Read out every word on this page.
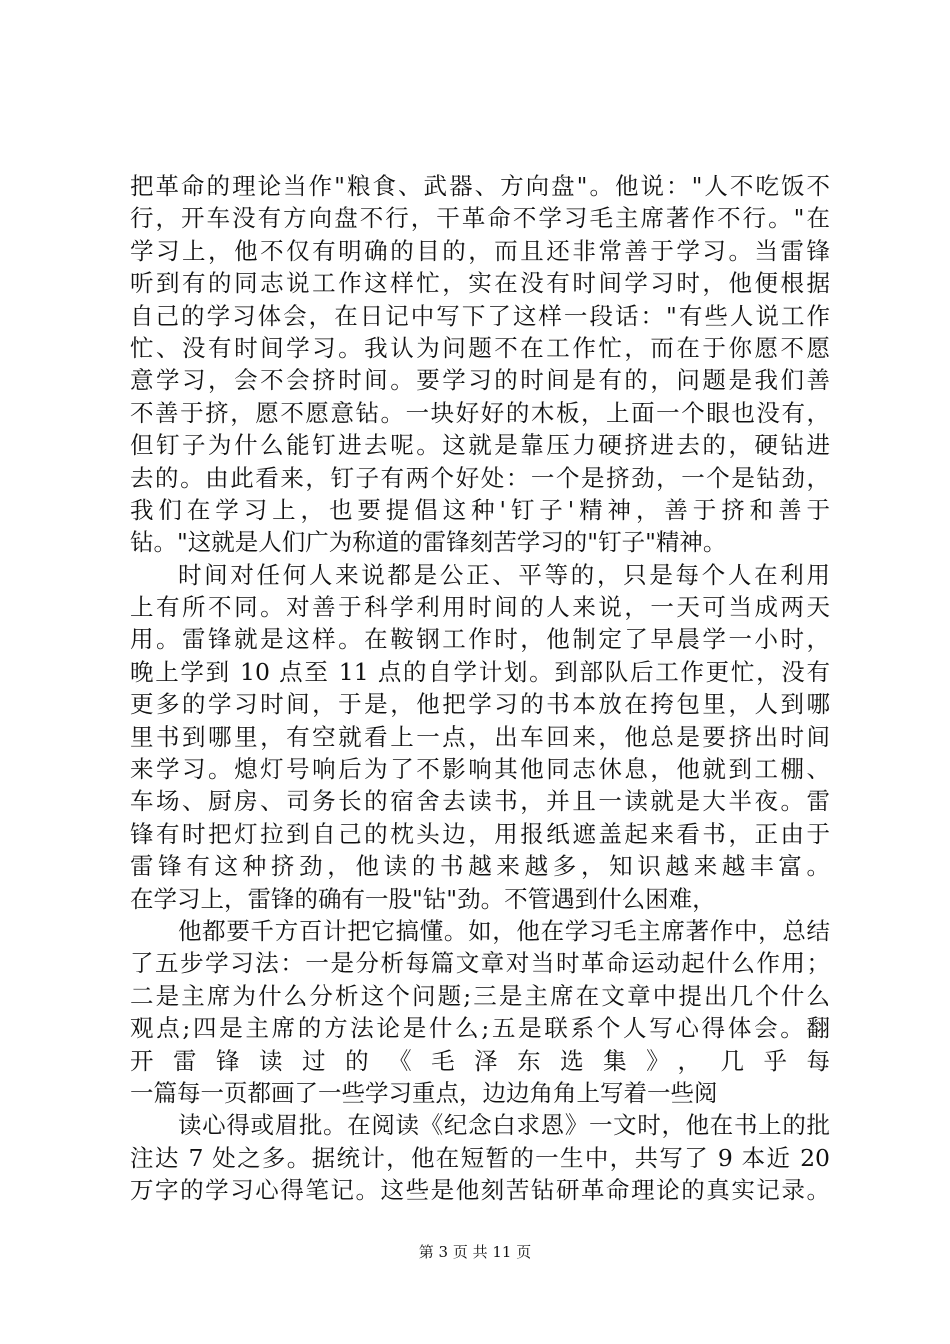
把革命的理论当作"粮食、武器、方向盘"。他说："人不吃饭不
行，开车没有方向盘不行，干革命不学习毛主席著作不行。"在
学习上，他不仅有明确的目的，而且还非常善于学习。当雷锋
听到有的同志说工作这样忙，实在没有时间学习时，他便根据
自己的学习体会，在日记中写下了这样一段话："有些人说工作
忙、没有时间学习。我认为问题不在工作忙，而在于你愿不愿
意学习，会不会挤时间。要学习的时间是有的，问题是我们善
不善于挤，愿不愿意钻。一块好好的木板，上面一个眼也没有，
但钉子为什么能钉进去呢。这就是靠压力硬挤进去的，硬钻进
去的。由此看来，钉子有两个好处：一个是挤劲，一个是钻劲，
我们在学习上，也要提倡这种'钉子'精神，善于挤和善于
钻。"这就是人们广为称道的雷锋刻苦学习的"钉子"精神。
时间对任何人来说都是公正、平等的，只是每个人在利用
上有所不同。对善于科学利用时间的人来说，一天可当成两天
用。雷锋就是这样。在鞍钢工作时，他制定了早晨学一小时，
晚上学到 10 点至 11 点的自学计划。到部队后工作更忙，没有
更多的学习时间，于是，他把学习的书本放在挎包里，人到哪
里书到哪里，有空就看上一点，出车回来，他总是要挤出时间
来学习。熄灯号响后为了不影响其他同志休息，他就到工棚、
车场、厨房、司务长的宿舍去读书，并且一读就是大半夜。雷
锋有时把灯拉到自己的枕头边，用报纸遮盖起来看书，正由于
雷锋有这种挤劲，他读的书越来越多，知识越来越丰富。
在学习上，雷锋的确有一股"钻"劲。不管遇到什么困难，
他都要千方百计把它搞懂。如，他在学习毛主席著作中，总结
了五步学习法：一是分析每篇文章对当时革命运动起什么作用；
二是主席为什么分析这个问题;三是主席在文章中提出几个什么
观点;四是主席的方法论是什么;五是联系个人写心得体会。翻
开雷锋读过的《毛泽东选集》，几乎每
一篇每一页都画了一些学习重点，边边角角上写着一些阅
读心得或眉批。在阅读《纪念白求恩》一文时，他在书上的批
注达 7 处之多。据统计，他在短暂的一生中，共写了 9 本近 20
万字的学习心得笔记。这些是他刻苦钻研革命理论的真实记录。
第 3 页 共 11 页
